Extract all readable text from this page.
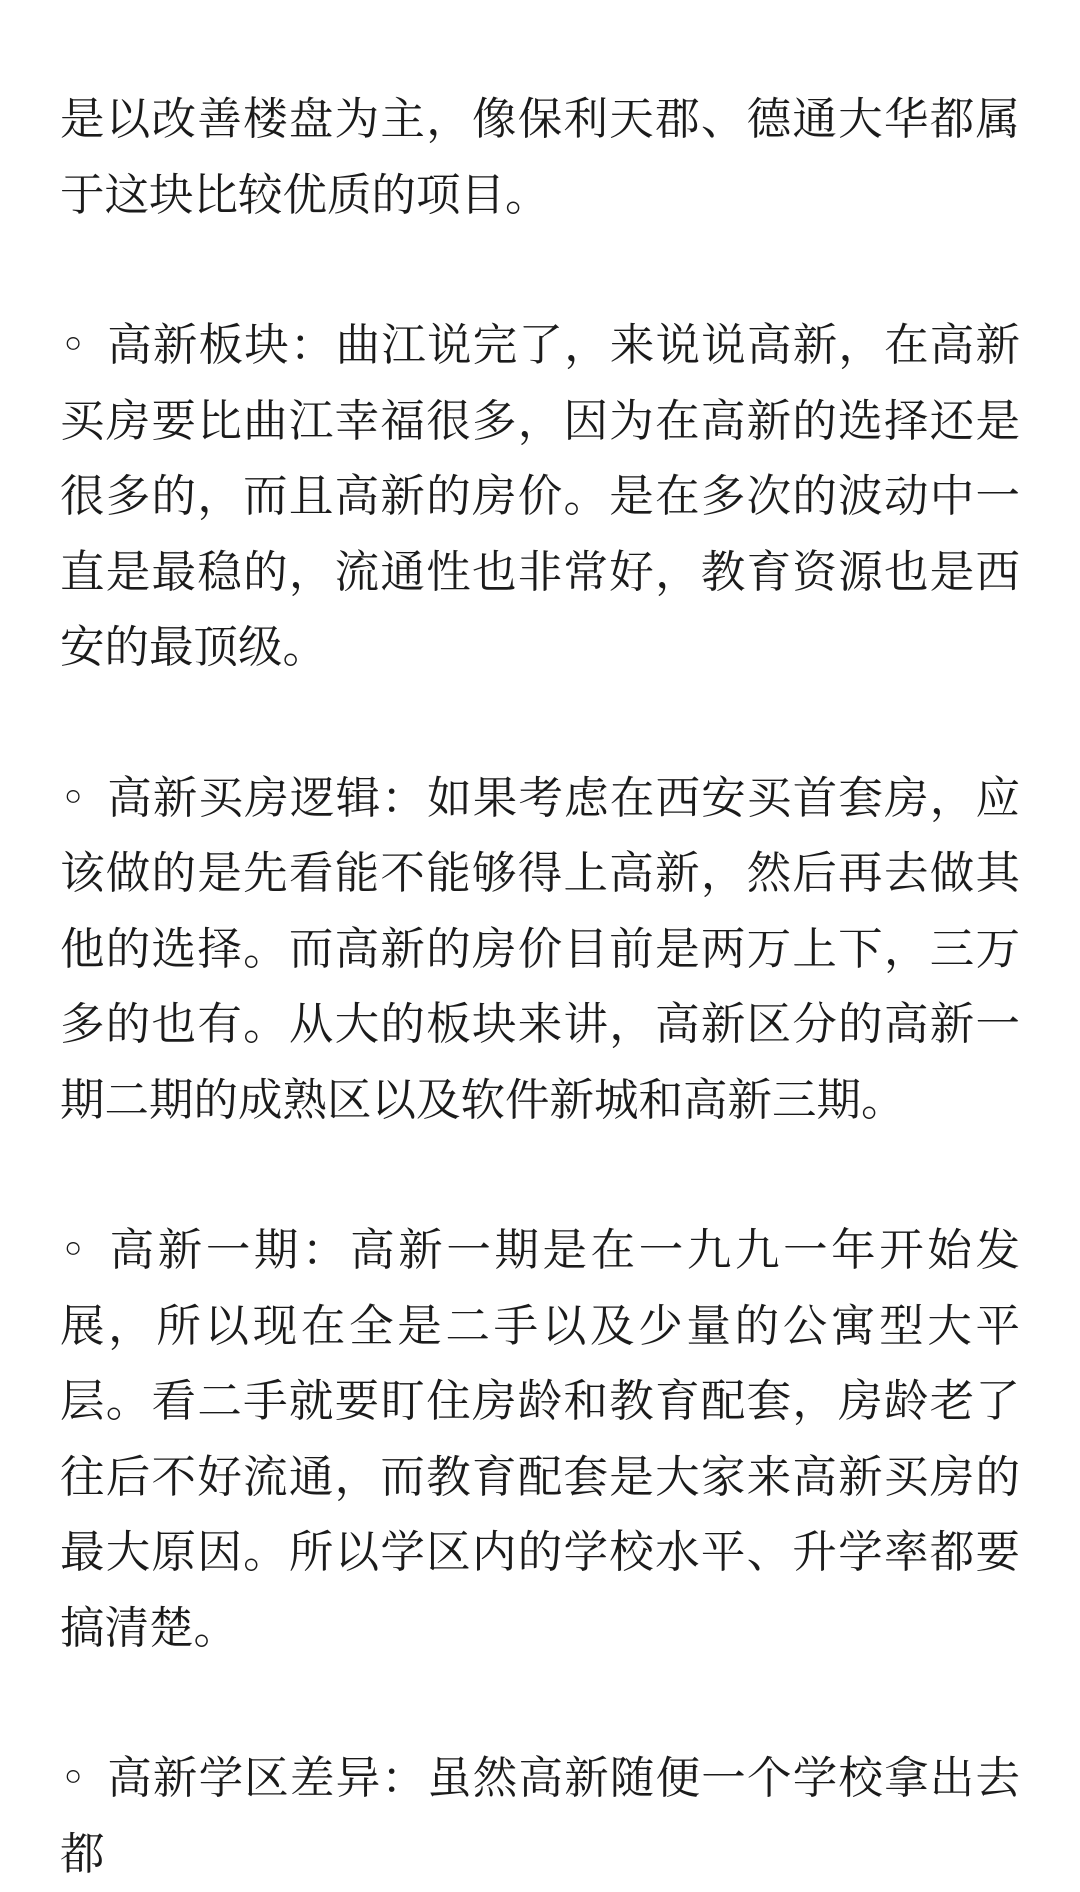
是以改善楼盘为主，像保利天郡、德通大华都属于这块比较优质的项目。

◦ 高新板块：曲江说完了，来说说高新，在高新买房要比曲江幸福很多，因为在高新的选择还是很多的，而且高新的房价。是在多次的波动中一直是最稳的，流通性也非常好，教育资源也是西安的最顶级。

◦ 高新买房逻辑：如果考虑在西安买首套房，应该做的是先看能不能够得上高新，然后再去做其他的选择。而高新的房价目前是两万上下，三万多的也有。从大的板块来讲，高新区分的高新一期二期的成熟区以及软件新城和高新三期。

◦ 高新一期：高新一期是在一九九一年开始发展，所以现在全是二手以及少量的公寓型大平层。看二手就要盯住房龄和教育配套，房龄老了往后不好流通，而教育配套是大家来高新买房的最大原因。所以学区内的学校水平、升学率都要搞清楚。

◦ 高新学区差异：虽然高新随便一个学校拿出去都
